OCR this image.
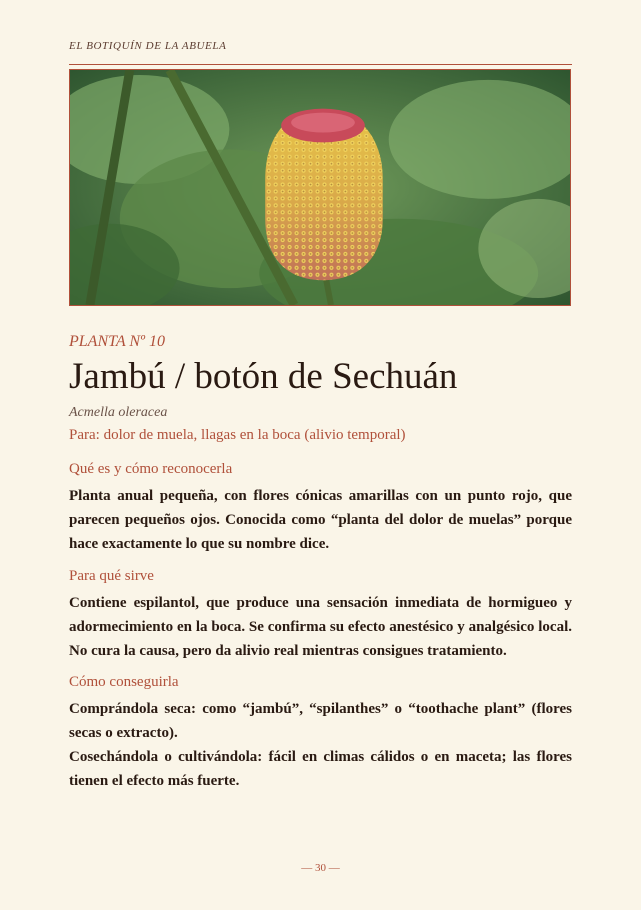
EL BOTIQUÍN DE LA ABUELA
PLANTA Nº 10
Jambú / botón de Sechuán
Acmella oleracea
Para: dolor de muela, llagas en la boca (alivio temporal)
Qué es y cómo reconocerla

Planta anual pequeña, con flores cónicas amarillas con un punto rojo, que parecen pequeños ojos. Conocida como “planta del dolor de muelas” porque hace exactamente lo que su nombre dice.

Para qué sirve

Contiene espilantol, que produce una sensación inmediata de hormigueo y adormecimiento en la boca. Se confirma su efecto anestésico y analgésico local. No cura la causa, pero da alivio real mientras consigues tratamiento.

Cómo conseguirla

Comprándola seca: como “jambú”, “spilanthes” o “toothache plant” (flores secas o extracto).

Cosechándola o cultivándola: fácil en climas cálidos o en maceta; las flores tienen el efecto más fuerte.

— 30 —
